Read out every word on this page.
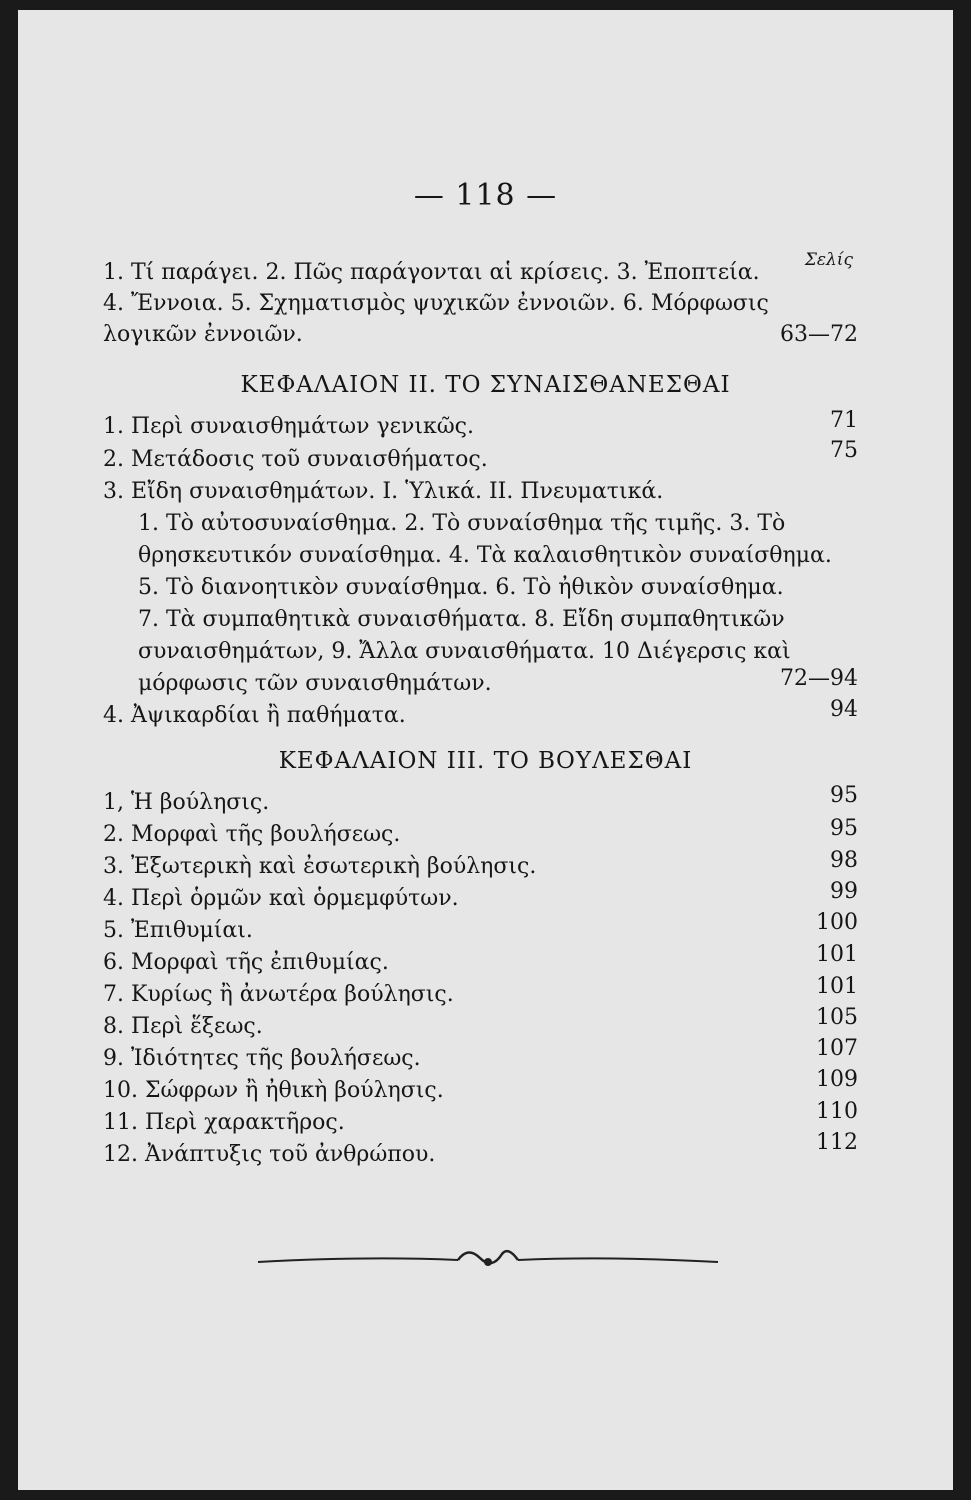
— 118 —
Σελίς
1. Τί παράγει. 2. Πῶς παράγονται αἱ κρίσεις. 3. Ἐποπτεία.
4. Ἔννοια. 5. Σχηματισμὸς ψυχικῶν ἐννοιῶν. 6. Μόρφωσις
λογικῶν ἐννοιῶν.	63—72
ΚΕΦΑΛΑΙΟΝ ΙΙ. ΤΟ ΣΥΝΑΙΣΘΑΝΕΣΘΑΙ
1. Περὶ συναισθημάτων γενικῶς.	71
2. Μετάδοσις τοῦ συναισθήματος.	75
3. Εἴδη συναισθημάτων. Ι. Ὑλικά. ΙΙ. Πνευματικά.
1. Τὸ αὐτοσυναίσθημα. 2. Τὸ συναίσθημα τῆς τιμῆς. 3. Τὸ
θρησκευτικόν συναίσθημα. 4. Τὰ καλαισθητικὸν συναίσθημα.
5. Τὸ διανοητικὸν συναίσθημα. 6. Τὸ ἠθικὸν συναίσθημα.
7. Τὰ συμπαθητικὰ συναισθήματα. 8. Εἴδη συμπαθητικῶν
συναισθημάτων, 9. Ἄλλα συναισθήματα. 10 Διέγερσις καὶ
μόρφωσις τῶν συναισθημάτων.	72—94
4. Ἀψικαρδίαι ἢ παθήματα.	94
ΚΕΦΑΛΑΙΟΝ ΙΙΙ. ΤΟ ΒΟΥΛΕΣΘΑΙ
1, Ἡ βούλησις.	95
2. Μορφαὶ τῆς βουλήσεως.	95
3. Ἐξωτερικὴ καὶ ἐσωτερικὴ βούλησις.	98
4. Περὶ ὁρμῶν καὶ ὁρμεμφύτων.	99
5. Ἐπιθυμίαι.	100
6. Μορφαὶ τῆς ἐπιθυμίας.	101
7. Κυρίως ἢ ἀνωτέρα βούλησις.	101
8. Περὶ ἕξεως.	105
9. Ἰδιότητες τῆς βουλήσεως.	107
10. Σώφρων ἢ ἠθικὴ βούλησις.	109
11. Περὶ χαρακτῆρος.	110
12. Ἀνάπτυξις τοῦ ἀνθρώπου.	112
